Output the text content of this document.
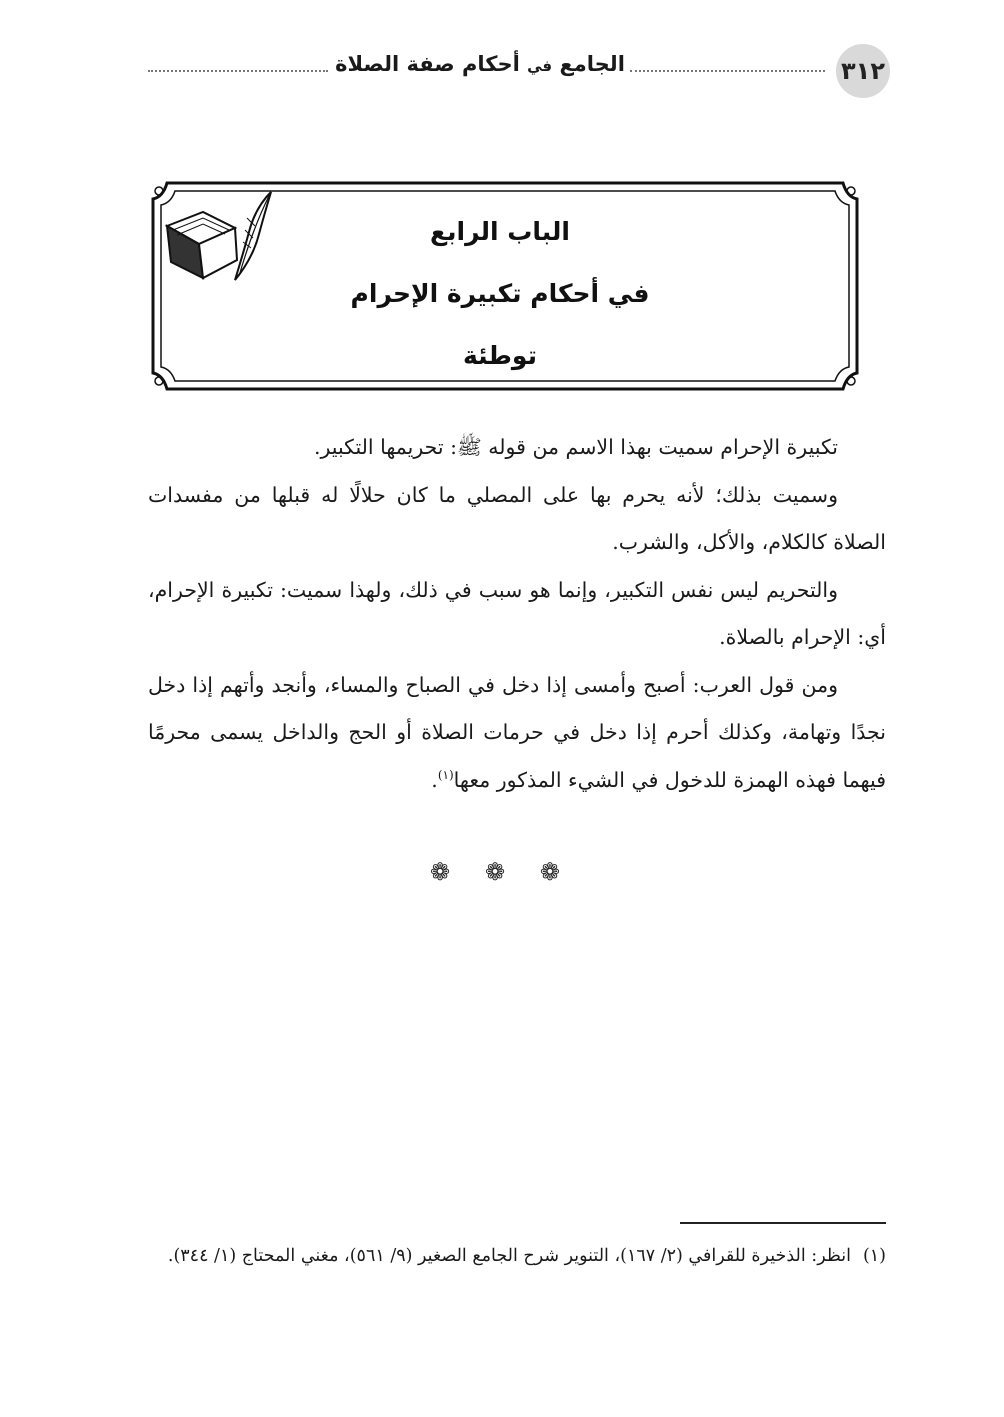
٣١٢
الجامع في أحكام صفة الصلاة
الباب الرابع
في أحكام تكبيرة الإحرام
توطئة

تكبيرة الإحرام سميت بهذا الاسم من قوله ﷺ: تحريمها التكبير.

وسميت بذلك؛ لأنه يحرم بها على المصلي ما كان حلالًا له قبلها من مفسدات الصلاة كالكلام، والأكل، والشرب.

والتحريم ليس نفس التكبير، وإنما هو سبب في ذلك، ولهذا سميت: تكبيرة الإحرام، أي: الإحرام بالصلاة.

ومن قول العرب: أصبح وأمسى إذا دخل في الصباح والمساء، وأنجد وأتهم إذا دخل نجدًا وتهامة، وكذلك أحرم إذا دخل في حرمات الصلاة أو الحج والداخل يسمى محرمًا فيهما فهذه الهمزة للدخول في الشيء المذكور معها$^{(١)}$.

❁ ❁ ❁
(١)انظر: الذخيرة للقرافي (٢/ ١٦٧)، التنوير شرح الجامع الصغير (٩/ ٥٦١)، مغني المحتاج (١/ ٣٤٤).
